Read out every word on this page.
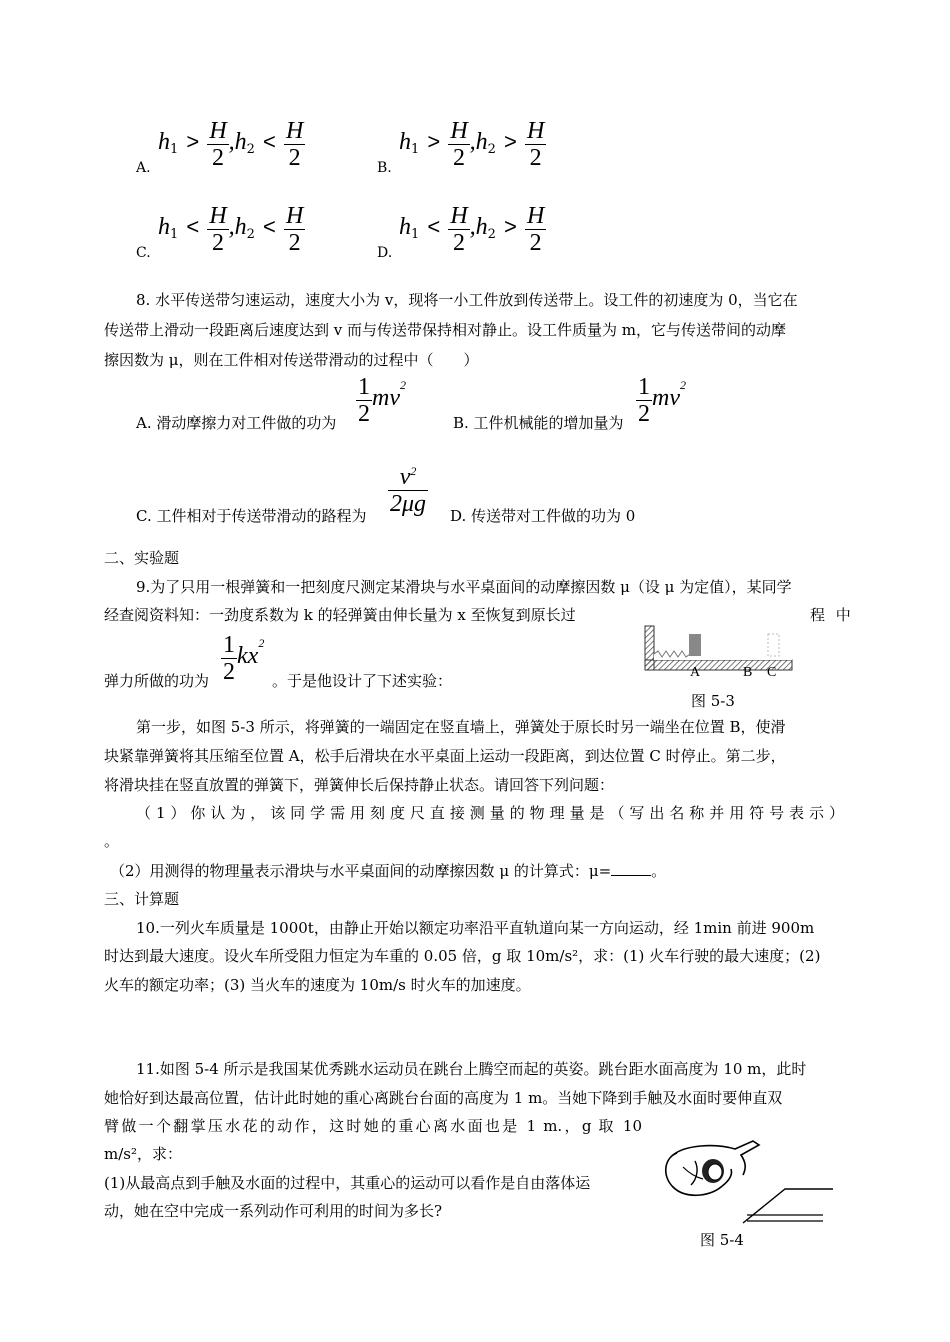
A.
$h_1 > \frac{H}{2} ,h_2 < \frac{H}{2}$	B.
$h_1 > \frac{H}{2} ,h_2 > \frac{H}{2}$
C.
$h_1 < \frac{H}{2} ,h_2 < \frac{H}{2}$	D.
$h_1 < \frac{H}{2} ,h_2 > \frac{H}{2}$
8. 水平传送带匀速运动，速度大小为 v，现将一小工件放到传送带上。设工件的初速度为 0，当它在
传送带上滑动一段距离后速度达到 v 而与传送带保持相对静止。设工件质量为 m，它与传送带间的动摩
擦因数为 μ，则在工件相对传送带滑动的过程中（　　）
A. 滑动摩擦力对工件做的功为 $\frac{1}{2} mv^2$
B. 工件机械能的增加量为 $\frac{1}{2} mv^2$
C. 工件相对于传送带滑动的路程为 $\frac{v^2}{2\mu g} D$. 传送带对工件做的功为 0
二、实验题
9.为了只用一根弹簧和一把刻度尺测定某滑块与水平桌面间的动摩擦因数 μ（设 μ 为定值），某同学
经查阅资料知：一劲度系数为 k 的轻弹簧由伸长量为 x 至恢复到原长过	程 中
弹力所做的功为 $\frac{1}{2} kx^2$
。于是他设计了下述实验：	A	B C
图 5-3
第一步，如图 5-3 所示，将弹簧的一端固定在竖直墙上，弹簧处于原长时另一端坐在位置 B，使滑
块紧靠弹簧将其压缩至位置 A，松手后滑块在水平桌面上运动一段距离，到达位置 C 时停止。第二步，
将滑块挂在竖直放置的弹簧下，弹簧伸长后保持静止状态。请回答下列问题：
（1）你认为，该同学需用刻度尺直接测量的物理量是（写出名称并用符号表示）
。
（2）用测得的物理量表示滑块与水平桌面间的动摩擦因数 μ 的计算式：μ=	。
三、计算题
10.一列火车质量是 1000t，由静止开始以额定功率沿平直轨道向某一方向运动，经 1min 前进 900m
时达到最大速度。设火车所受阻力恒定为车重的 0.05 倍，g 取 10m/s²，求：(1) 火车行驶的最大速度；(2)
火车的额定功率；(3) 当火车的速度为 10m/s 时火车的加速度。
11.如图 5-4 所示是我国某优秀跳水运动员在跳台上腾空而起的英姿。跳台距水面高度为 10 m，此时
她恰好到达最高位置，估计此时她的重心离跳台台面的高度为 1 m。当她下降到手触及水面时要伸直双
臂做一个翻掌压水花的动作，这时她的重心离水面也是 1 m.，g 取 10
m/s²，求：
(1)从最高点到手触及水面的过程中，其重心的运动可以看作是自由落体运
动，她在空中完成一系列动作可利用的时间为多长?
图 5-4
